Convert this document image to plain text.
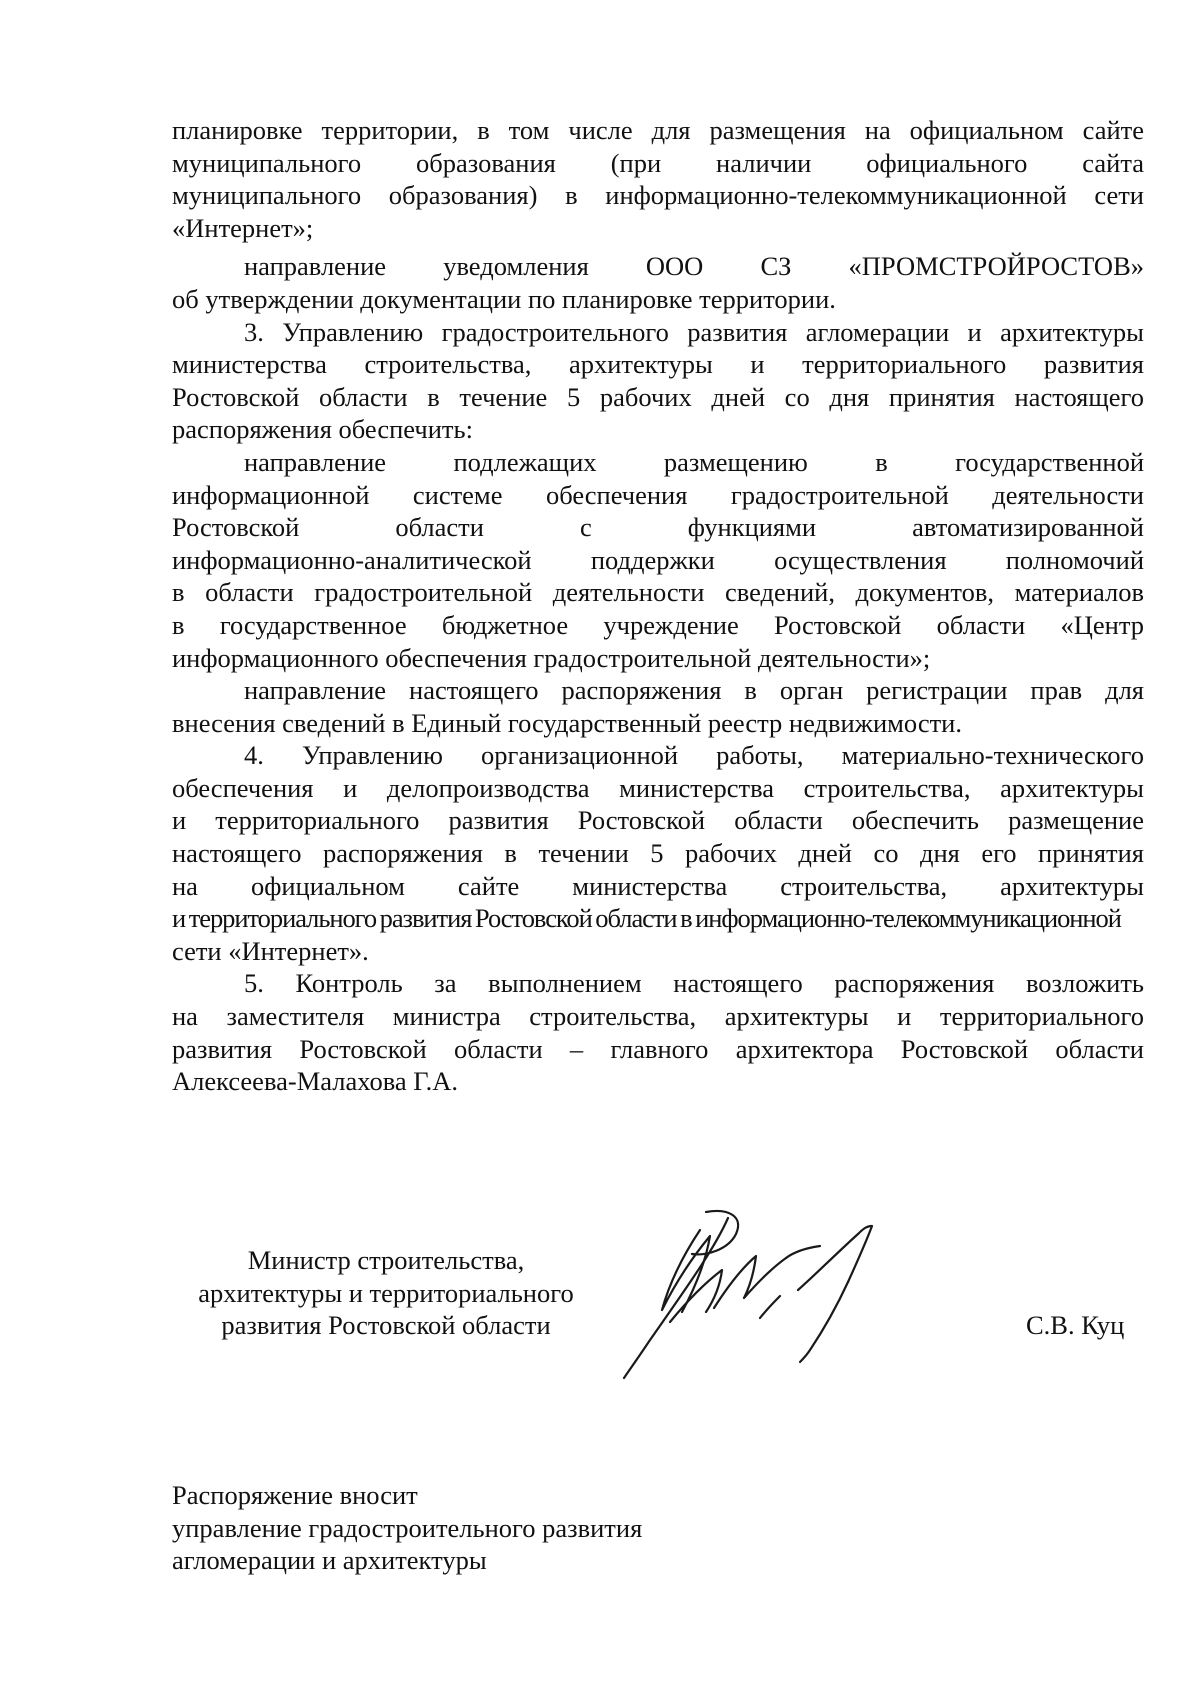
планировке территории, в том числе для размещения на официальном сайте
муниципального образования (при наличии официального сайта
муниципального образования) в информационно-телекоммуникационной сети
«Интернет»;
направление уведомления ООО СЗ «ПРОМСТРОЙРОСТОВ»
об утверждении документации по планировке территории.
3. Управлению градостроительного развития агломерации и архитектуры
министерства строительства, архитектуры и территориального развития
Ростовской области в течение 5 рабочих дней со дня принятия настоящего
распоряжения обеспечить:
направление подлежащих размещению в государственной
информационной системе обеспечения градостроительной деятельности
Ростовской области с функциями автоматизированной
информационно-аналитической поддержки осуществления полномочий
в области градостроительной деятельности сведений, документов, материалов
в государственное бюджетное учреждение Ростовской области «Центр
информационного обеспечения градостроительной деятельности»;
направление настоящего распоряжения в орган регистрации прав для
внесения сведений в Единый государственный реестр недвижимости.
4. Управлению организационной работы, материально-технического
обеспечения и делопроизводства министерства строительства, архитектуры
и территориального развития Ростовской области обеспечить размещение
настоящего распоряжения в течении 5 рабочих дней со дня его принятия
на официальном сайте министерства строительства, архитектуры
и территориального развития Ростовской области в информационно-телекоммуникационной
сети «Интернет».
5. Контроль за выполнением настоящего распоряжения возложить
на заместителя министра строительства, архитектуры и территориального
развития Ростовской области – главного архитектора Ростовской области
Алексеева-Малахова Г.А.
Министр строительства,
архитектуры и территориального
развития Ростовской области	С.В. Куц
Распоряжение вносит
управление градостроительного развития
агломерации и архитектуры
